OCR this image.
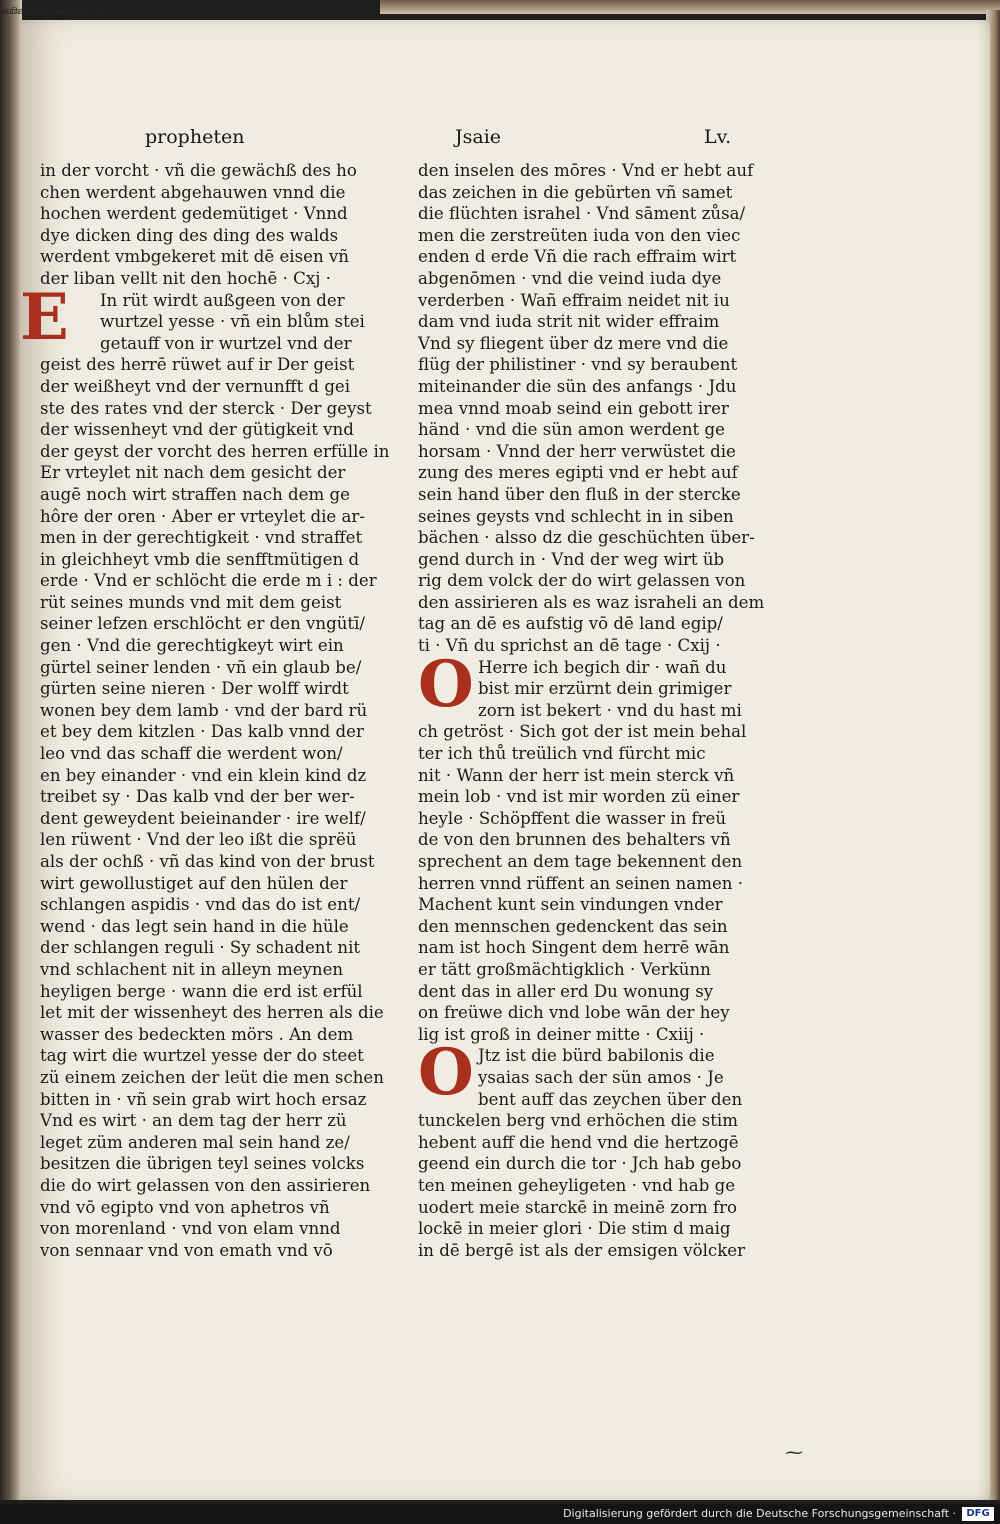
aufitenniglidei aufaſſergeboſ
propheten	Jsaie	Lv.
in der vorcht · vñ die gewächß des ho
chen werdent abgehauwen vnnd die
hochen werdent gedemütiget · Vnnd
dye dicken ding des ding des walds
werdent vmbgekeret mit dē eisen vñ
der liban vellt nit den hochē · Cxj ·
In rüt wirdt außgeen von der
E	wurtzel yesse · vñ ein blům stei
getauff von ir wurtzel vnd der
geist des herrē rüwet auf ir Der geist
der weißheyt vnd der vernunfft d gei
ste des rates vnd der sterck · Der geyst
der wissenheyt vnd der gütigkeit vnd
der geyst der vorcht des herren erfülle in
Er vrteylet nit nach dem gesicht der
augē noch wirt straffen nach dem ge
hôre der oren · Aber er vrteylet die ar-
men in der gerechtigkeit · vnd straffet
in gleichheyt vmb die senfftmütigen d
erde · Vnd er schlöcht die erde m i : der
rüt seines munds vnd mit dem geist
seiner lefzen erschlöcht er den vngütī/
gen · Vnd die gerechtigkeyt wirt ein
gürtel seiner lenden · vñ ein glaub be/
gürten seine nieren · Der wolff wirdt
wonen bey dem lamb · vnd der bard rü
et bey dem kitzlen · Das kalb vnnd der
leo vnd das schaff die werdent won/
en bey einander · vnd ein klein kind dz
treibet sy · Das kalb vnd der ber wer-
dent geweydent beieinander · ire welf/
len rüwent · Vnd der leo ißt die sprëü
als der ochß · vñ das kind von der brust
wirt gewollustiget auf den hülen der
schlangen aspidis · vnd das do ist ent/
wend · das legt sein hand in die hüle
der schlangen reguli · Sy schadent nit
vnd schlachent nit in alleyn meynen
heyligen berge · wann die erd ist erfül
let mit der wissenheyt des herren als die
wasser des bedeckten mörs . An dem
tag wirt die wurtzel yesse der do steet
zü einem zeichen der leüt die men schen
bitten in · vñ sein grab wirt hoch ersaz
Vnd es wirt · an dem tag der herr zü
leget züm anderen mal sein hand ze/
besitzen die übrigen teyl seines volcks
die do wirt gelassen von den assirieren
vnd vō egipto vnd von aphetros vñ
von morenland · vnd von elam vnnd
von sennaar vnd von emath vnd vō
den inselen des mōres · Vnd er hebt auf
das zeichen in die gebürten vñ samet
die flüchten israhel · Vnd sāment zůsa/
men die zerstreüten iuda von den viec
enden d erde Vñ die rach effraim wirt
abgenōmen · vnd die veind iuda dye
verderben · Wañ effraim neidet nit iu
dam vnd iuda strit nit wider effraim
Vnd sy fliegent über dz mere vnd die
flüg der philistiner · vnd sy beraubent
miteinander die sün des anfangs · Jdu
mea vnnd moab seind ein gebott irer
händ · vnd die sün amon werdent ge
horsam · Vnnd der herr verwüstet die
zung des meres egipti vnd er hebt auf
sein hand über den fluß in der stercke
seines geysts vnd schlecht in in siben
bächen · alsso dz die geschüchten über-
gend durch in · Vnd der weg wirt üb
rig dem volck der do wirt gelassen von
den assirieren als es waz israheli an dem
tag an dē es aufstig vō dē land egip/
ti · Vñ du sprichst an dē tage · Cxij ·
Herre ich begich dir · wañ du
O bist mir erzürnt dein grimiger
zorn ist bekert · vnd du hast mi
ch getröst · Sich got der ist mein behal
ter ich thů treülich vnd fürcht mic
nit · Wann der herr ist mein sterck vñ
mein lob · vnd ist mir worden zü einer
heyle · Schöpffent die wasser in freü
de von den brunnen des behalters vñ
sprechent an dem tage bekennent den
herren vnnd rüffent an seinen namen ·
Machent kunt sein vindungen vnder
den mennschen gedenckent das sein
nam ist hoch Singent dem herrē wān
er tätt großmächtigklich · Verkünn
dent das in aller erd Du wonung sy
on freüwe dich vnd lobe wān der hey
lig ist groß in deiner mitte · Cxiij ·
Jtz ist die bürd babilonis die
O ysaias sach der sün amos · Je
bent auff das zeychen über den
tunckelen berg vnd erhöchen die stim
hebent auff die hend vnd die hertzogē
geend ein durch die tor · Jch hab gebo
ten meinen geheyligeten · vnd hab ge
uodert meie starckē in meinē zorn fro
lockē in meier glori · Die stim d maig
in dē bergē ist als der emsigen völcker
⁓
Digitalisierung gefördert durch die Deutsche Forschungsgemeinschaft ·	DFG
